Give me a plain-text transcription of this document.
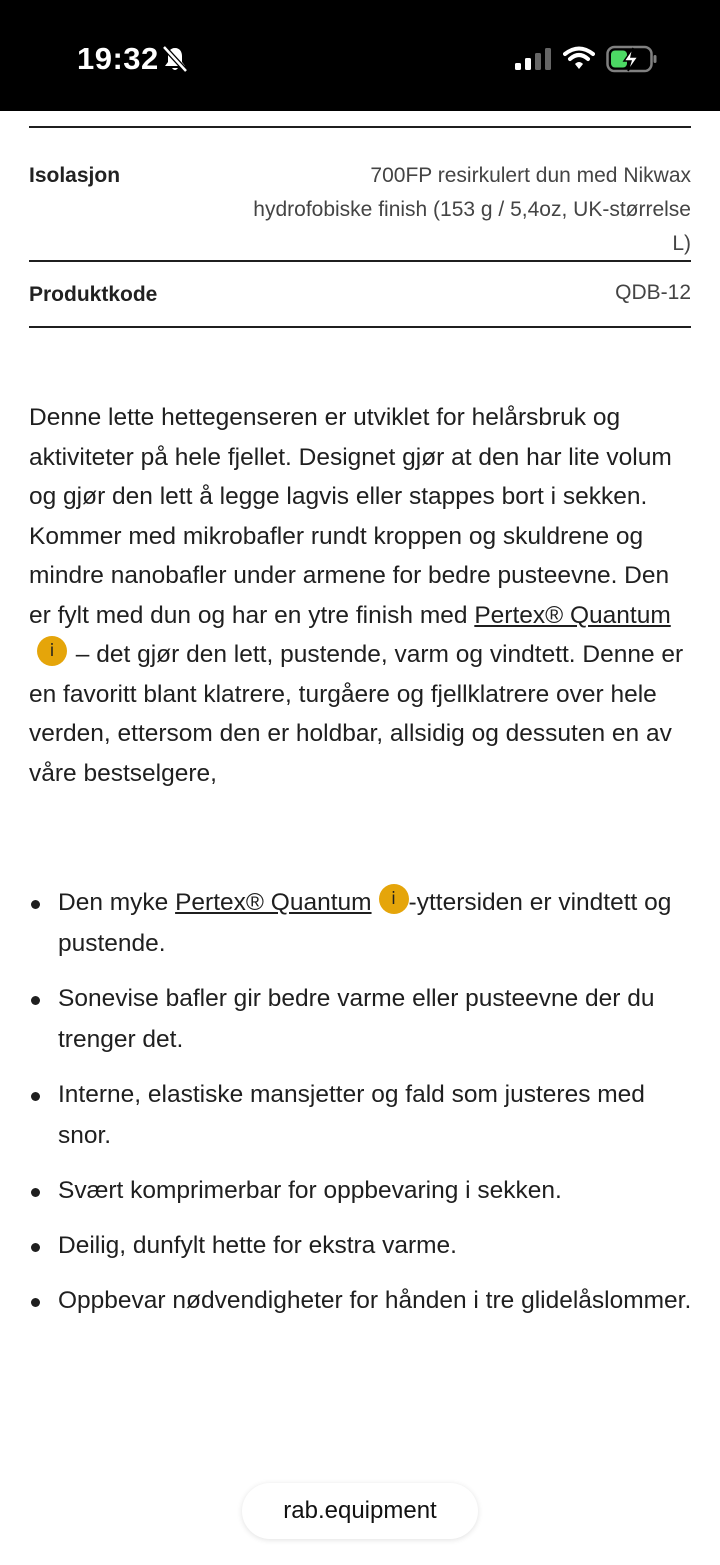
19:32
Isolasjon	700FP resirkulert dun med Nikwax
hydrofobiske finish (153 g / 5,4oz, UK-størrelse
L)
Produktkode	QDB-12

Denne lette hettegenseren er utviklet for helårsbruk og aktiviteter på hele fjellet. Designet gjør at den har lite volum og gjør den lett å legge lagvis eller stappes bort i sekken. Kommer med mikrobafler rundt kroppen og skuldrene og mindre nanobafler under armene for bedre pusteevne. Den er fylt med dun og har en ytre finish med Pertex® Quantumi – det gjør den lett, pustende, varm og vindtett. Denne er en favoritt blant klatrere, turgåere og fjellklatrere over hele verden, ettersom den er holdbar, allsidig og dessuten en av våre bestselgere,

Den myke Pertex® Quantum i -yttersiden er vindtett og pustende.
Sonevise bafler gir bedre varme eller pusteevne der du trenger det.
Interne, elastiske mansjetter og fald som justeres med snor.
Svært komprimerbar for oppbevaring i sekken.
Deilig, dunfylt hette for ekstra varme.
Oppbevar nødvendigheter for hånden i tre glidelåslommer.
rab.equipment
